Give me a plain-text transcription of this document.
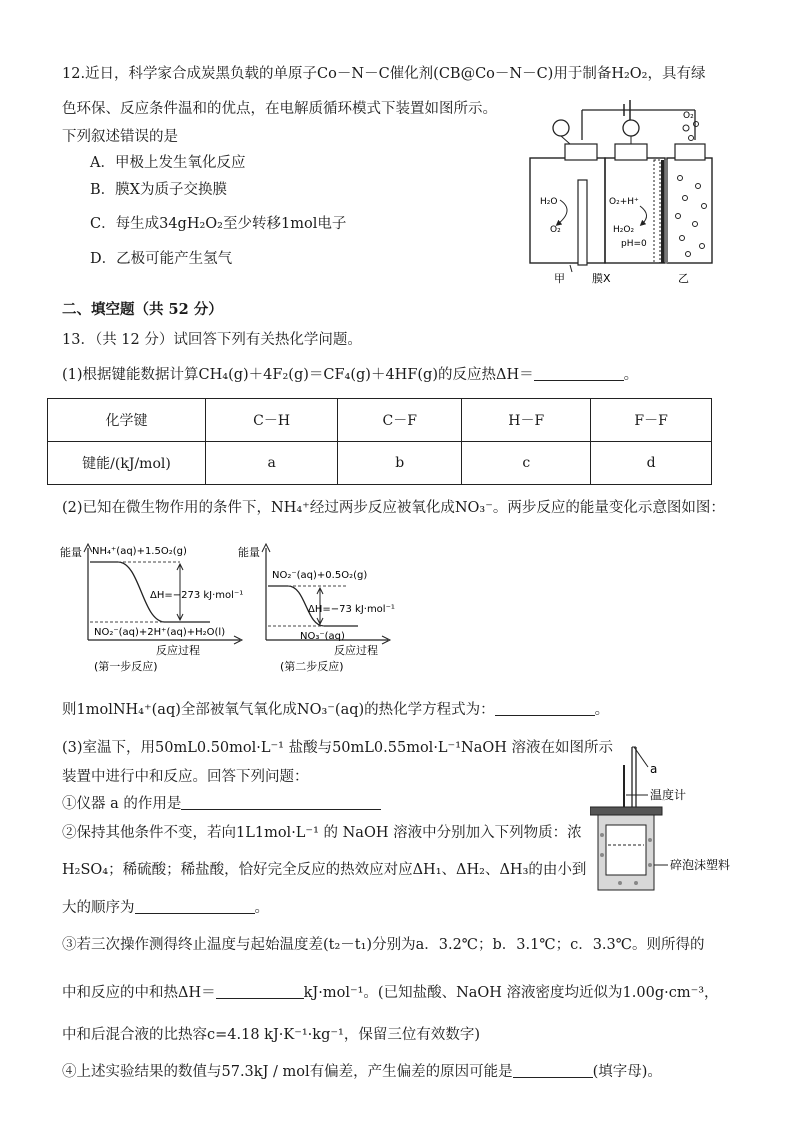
12.近日，科学家合成炭黑负载的单原子Co－N－C催化剂(CB@Co－N－C)用于制备H₂O₂，具有绿
色环保、反应条件温和的优点，在电解质循环模式下装置如图所示。
下列叙述错误的是
A．甲极上发生氧化反应
B．膜X为质子交换膜
C．每生成34gH₂O₂至少转移1mol电子
D．乙极可能产生氢气
O₂
H₂O
O₂
O₂+H⁺
H₂O₂
pH=0
甲 膜X	乙
二、填空题（共 52 分）
13．（共 12 分）试回答下列有关热化学问题。
(1)根据键能数据计算CH₄(g)＋4F₂(g)＝CF₄(g)＋4HF(g)的反应热ΔH＝	。
化学键	C－H	C－F	H－F	F－F
键能/(kJ/mol)	a	b	c	d
(2)已知在微生物作用的条件下，NH₄⁺经过两步反应被氧化成NO₃⁻。两步反应的能量变化示意图如图：
能量 NH₄⁺(aq)+1.5O₂(g)
ΔH=−273 kJ·mol⁻¹
NO₂⁻(aq)+2H⁺(aq)+H₂O(l)
反应过程
(第一步反应)
能量
NO₂⁻(aq)+0.5O₂(g)
ΔH=−73 kJ·mol⁻¹
NO₃⁻(aq)
反应过程
(第二步反应)
则1molNH₄⁺(aq)全部被氧气氧化成NO₃⁻(aq)的热化学方程式为：	。
(3)室温下，用50mL0.50mol·L⁻¹ 盐酸与50mL0.55mol·L⁻¹NaOH 溶液在如图所示
装置中进行中和反应。回答下列问题：
①仪器 a 的作用是
②保持其他条件不变，若向1L1mol·L⁻¹ 的 NaOH 溶液中分别加入下列物质：浓
H₂SO₄；稀硫酸；稀盐酸，恰好完全反应的热效应对应ΔH₁、ΔH₂、ΔH₃的由小到
大的顺序为	。
a
温度计
碎泡沫塑料
③若三次操作测得终止温度与起始温度差(t₂－t₁)分别为a．3.2℃；b．3.1℃；c．3.3℃。则所得的
中和反应的中和热ΔH＝	kJ·mol⁻¹。(已知盐酸、NaOH 溶液密度均近似为1.00g·cm⁻³，
中和后混合液的比热容c=4.18 kJ·K⁻¹·kg⁻¹，保留三位有效数字)
④上述实验结果的数值与57.3kJ / mol有偏差，产生偏差的原因可能是	(填字母)。
